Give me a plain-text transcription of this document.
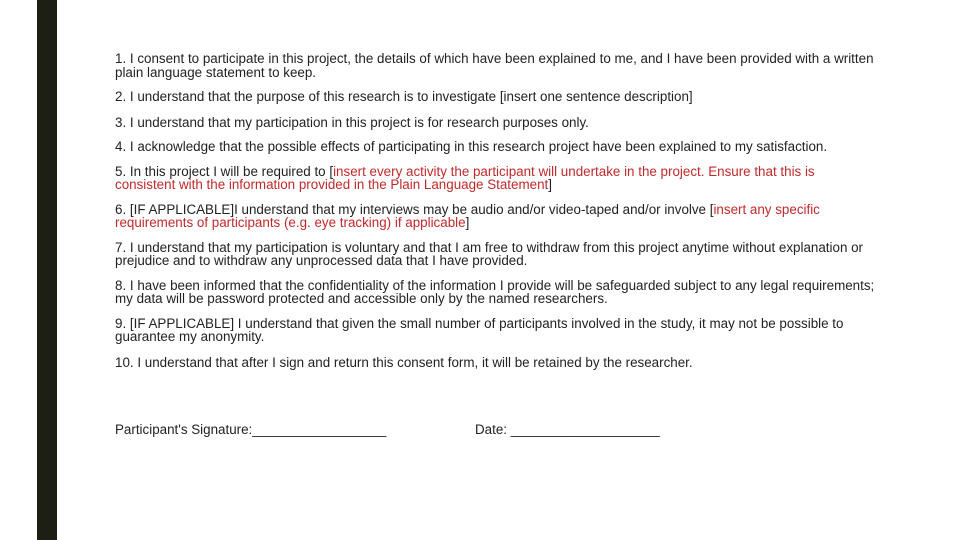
1. I consent to participate in this project, the details of which have been explained to me, and I have been provided with a written plain language statement to keep.

2. I understand that the purpose of this research is to investigate [insert one sentence description]

3. I understand that my participation in this project is for research purposes only.

4. I acknowledge that the possible effects of participating in this research project have been explained to my satisfaction.

5. In this project I will be required to [insert every activity the participant will undertake in the project. Ensure that this is consistent with the information provided in the Plain Language Statement]

6. [IF APPLICABLE]I understand that my interviews may be audio and/or video-taped and/or involve [insert any specific requirements of participants (e.g. eye tracking) if applicable]

7. I understand that my participation is voluntary and that I am free to withdraw from this project anytime without explanation or prejudice and to withdraw any unprocessed data that I have provided.

8. I have been informed that the confidentiality of the information I provide will be safeguarded subject to any legal requirements; my data will be password protected and accessible only by the named researchers.

9. [IF APPLICABLE] I understand that given the small number of participants involved in the study, it may not be possible to guarantee my anonymity.

10. I understand that after I sign and return this consent form, it will be retained by the researcher.

Participant's Signature:__________________	Date: ____________________
